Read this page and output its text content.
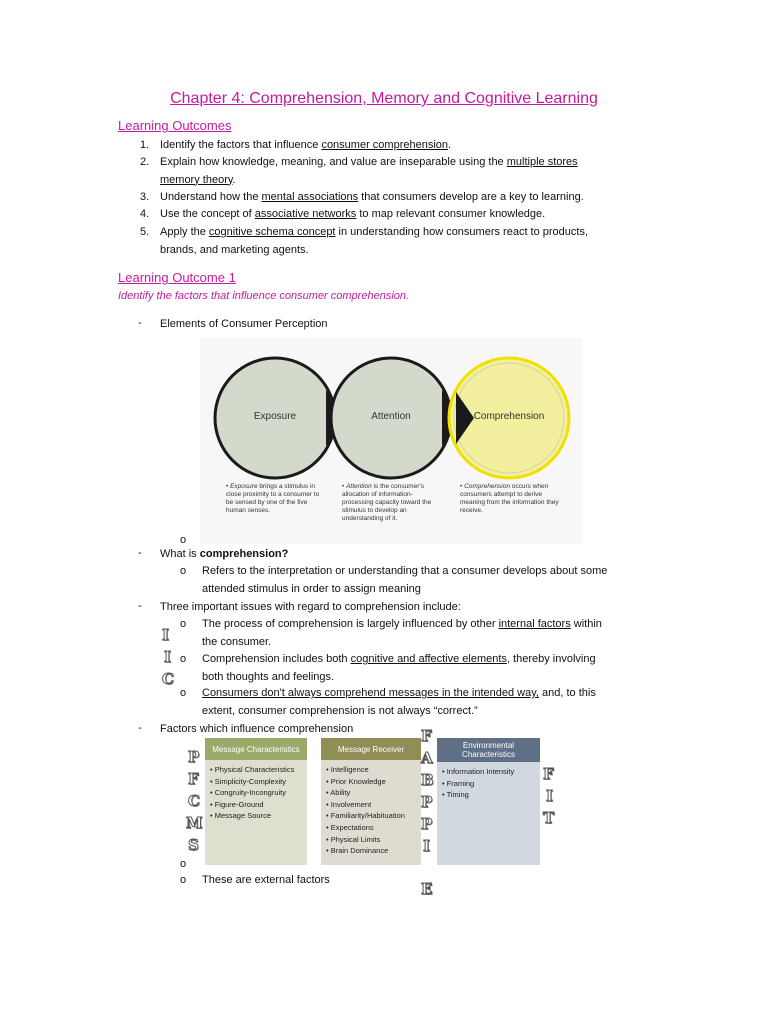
Chapter 4: Comprehension, Memory and Cognitive Learning
Learning Outcomes
1. Identify the factors that influence consumer comprehension.
2. Explain how knowledge, meaning, and value are inseparable using the multiple stores
memory theory.
3. Understand how the mental associations that consumers develop are a key to learning.
4. Use the concept of associative networks to map relevant consumer knowledge.
5. Apply the cognitive schema concept in understanding how consumers react to products,
brands, and marketing agents.
Learning Outcome 1
Identify the factors that influence consumer comprehension.
- Elements of Consumer Perception
Exposure	Attention	Comprehension
• Exposure brings a stimulus in close proximity to a consumer to be sensed by one of the five human senses.
• Attention is the consumer's allocation of information-processing capacity toward the stimulus to develop an understanding of it.
• Comprehension occurs when consumers attempt to derive meaning from the information they receive.
o
- What is comprehension?
o Refers to the interpretation or understanding that a consumer develops about some
attended stimulus in order to assign meaning
- Three important issues with regard to comprehension include:
o The process of comprehension is largely influenced by other internal factors within
the consumer.
o Comprehension includes both cognitive and affective elements, thereby involving
both thoughts and feelings.
o Consumers don't always comprehend messages in the intended way, and, to this
extent, consumer comprehension is not always “correct.”
I
I
C
- Factors which influence comprehension
Message Characteristics
• Physical Characteristics
• Simplicity-Complexity
• Congruity-Incongruity
• Figure-Ground
• Message Source
Message Receiver
• Intelligence
• Prior Knowledge
• Ability
• Involvement
• Familiarity/Habituation
• Expectations
• Physical Limits
• Brain Dominance
Environmental Characteristics
• Information Intensity
• Framing
• Timing
P
F
C
M
S
F
A
B
P
P
I
E
F
I
T
o
o These are external factors
